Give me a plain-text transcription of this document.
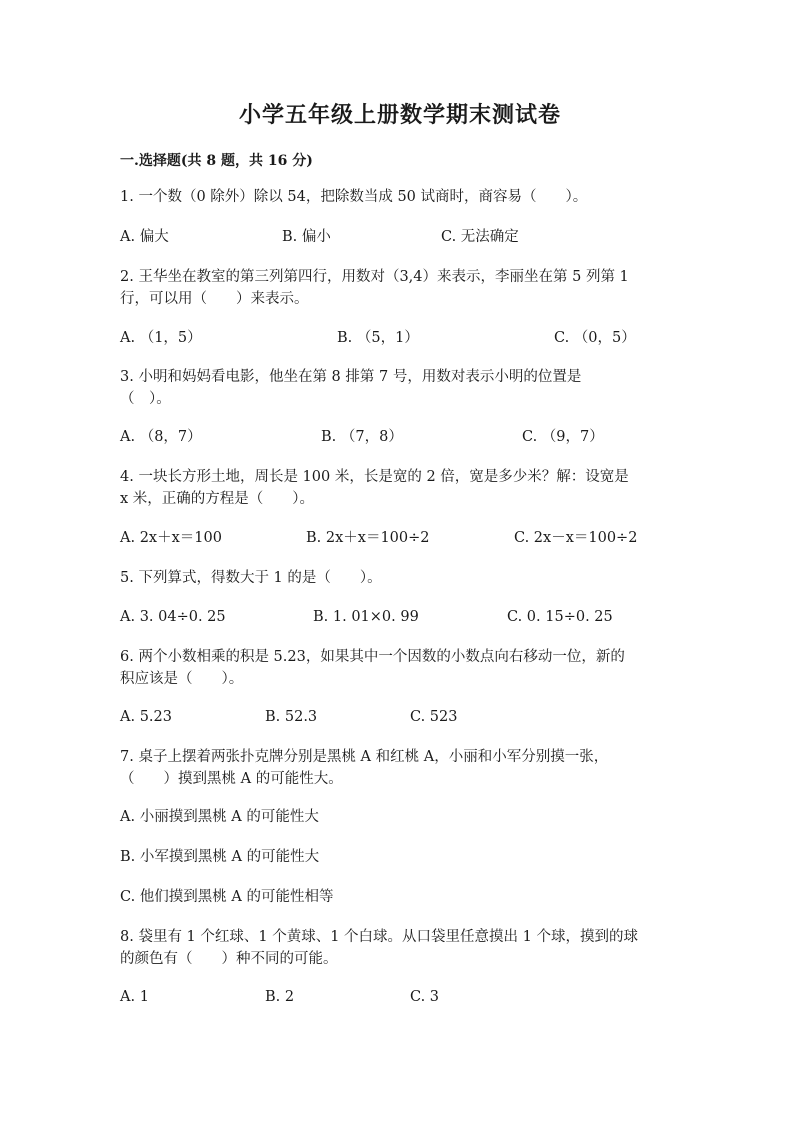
小学五年级上册数学期末测试卷
一.选择题(共 8 题，共 16 分)
1. 一个数（0 除外）除以 54，把除数当成 50 试商时，商容易（　　）。
A. 偏大	B. 偏小	C. 无法确定
2. 王华坐在教室的第三列第四行，用数对（3,4）来表示，李丽坐在第 5 列第 1
行，可以用（　　）来表示。
A. （1，5）	B. （5，1）	C. （0，5）
3. 小明和妈妈看电影，他坐在第 8 排第 7 号，用数对表示小明的位置是
（　）。
A. （8，7）	B. （7，8）	C. （9，7）
4. 一块长方形土地，周长是 100 米，长是宽的 2 倍，宽是多少米？解：设宽是
x 米，正确的方程是（　　）。
A. 2x＋x＝100	B. 2x＋x＝100÷2	C. 2x－x＝100÷2
5. 下列算式，得数大于 1 的是（　　）。
A. 3. 04÷0. 25	B. 1. 01×0. 99	C. 0. 15÷0. 25
6. 两个小数相乘的积是 5.23，如果其中一个因数的小数点向右移动一位，新的
积应该是（　　）。
A. 5.23	B. 52.3	C. 523
7. 桌子上摆着两张扑克牌分别是黑桃 A 和红桃 A，小丽和小军分别摸一张，
（　　）摸到黑桃 A 的可能性大。
A. 小丽摸到黑桃 A 的可能性大
B. 小军摸到黑桃 A 的可能性大
C. 他们摸到黑桃 A 的可能性相等
8. 袋里有 1 个红球、1 个黄球、1 个白球。从口袋里任意摸出 1 个球，摸到的球
的颜色有（　　）种不同的可能。
A. 1	B. 2	C. 3
